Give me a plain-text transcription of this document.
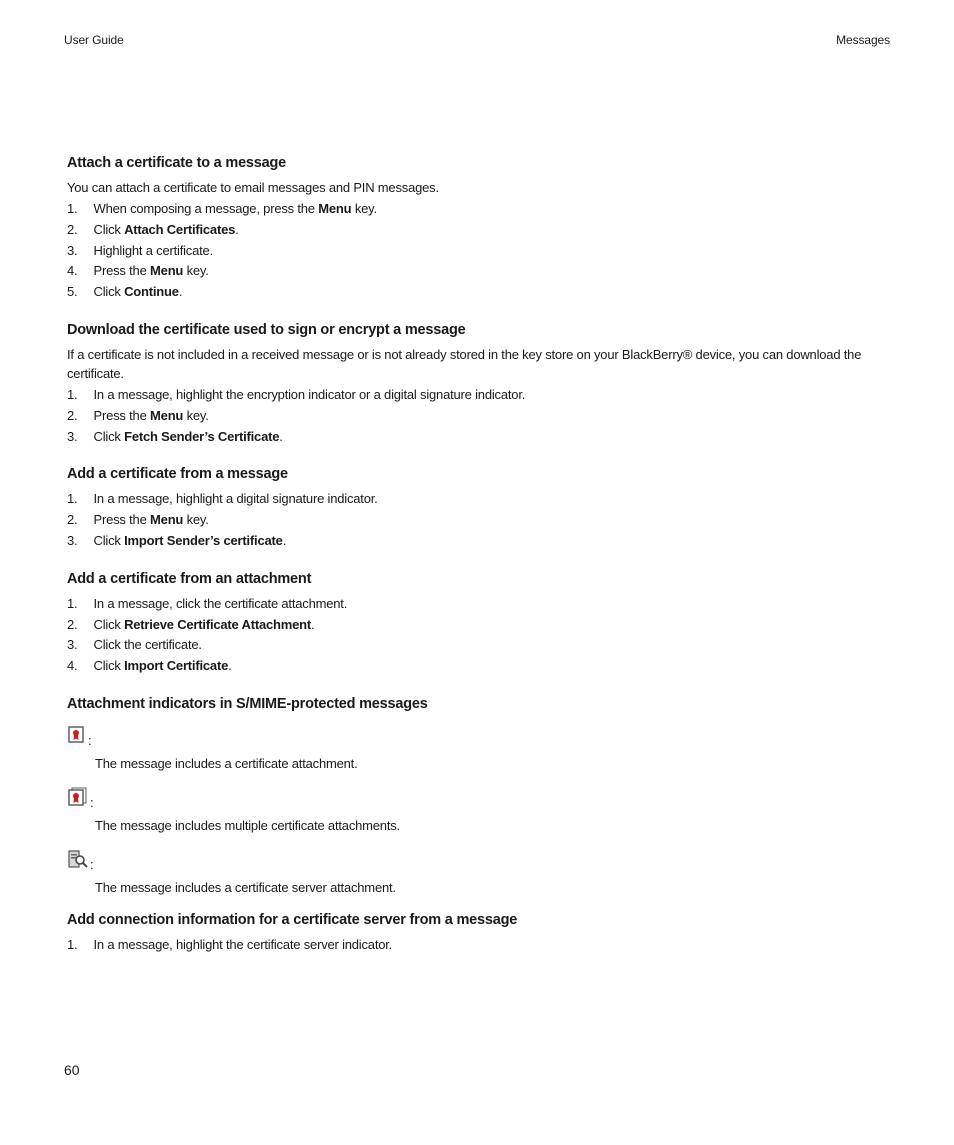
User Guide	Messages
Attach a certificate to a message

You can attach a certificate to email messages and PIN messages.

1. When composing a message, press the Menu key.
2. Click Attach Certificates.
3. Highlight a certificate.
4. Press the Menu key.
5. Click Continue.
Download the certificate used to sign or encrypt a message

If a certificate is not included in a received message or is not already stored in the key store on your BlackBerry® device, you can download the certificate.

1. In a message, highlight the encryption indicator or a digital signature indicator.
2. Press the Menu key.
3. Click Fetch Sender’s Certificate.
Add a certificate from a message
1. In a message, highlight a digital signature indicator.
2. Press the Menu key.
3. Click Import Sender’s certificate.
Add a certificate from an attachment
1. In a message, click the certificate attachment.
2. Click Retrieve Certificate Attachment.
3. Click the certificate.
4. Click Import Certificate.
Attachment indicators in S/MIME-protected messages
:
The message includes a certificate attachment.
:
The message includes multiple certificate attachments.
:
The message includes a certificate server attachment.
Add connection information for a certificate server from a message
1. In a message, highlight the certificate server indicator.
60
